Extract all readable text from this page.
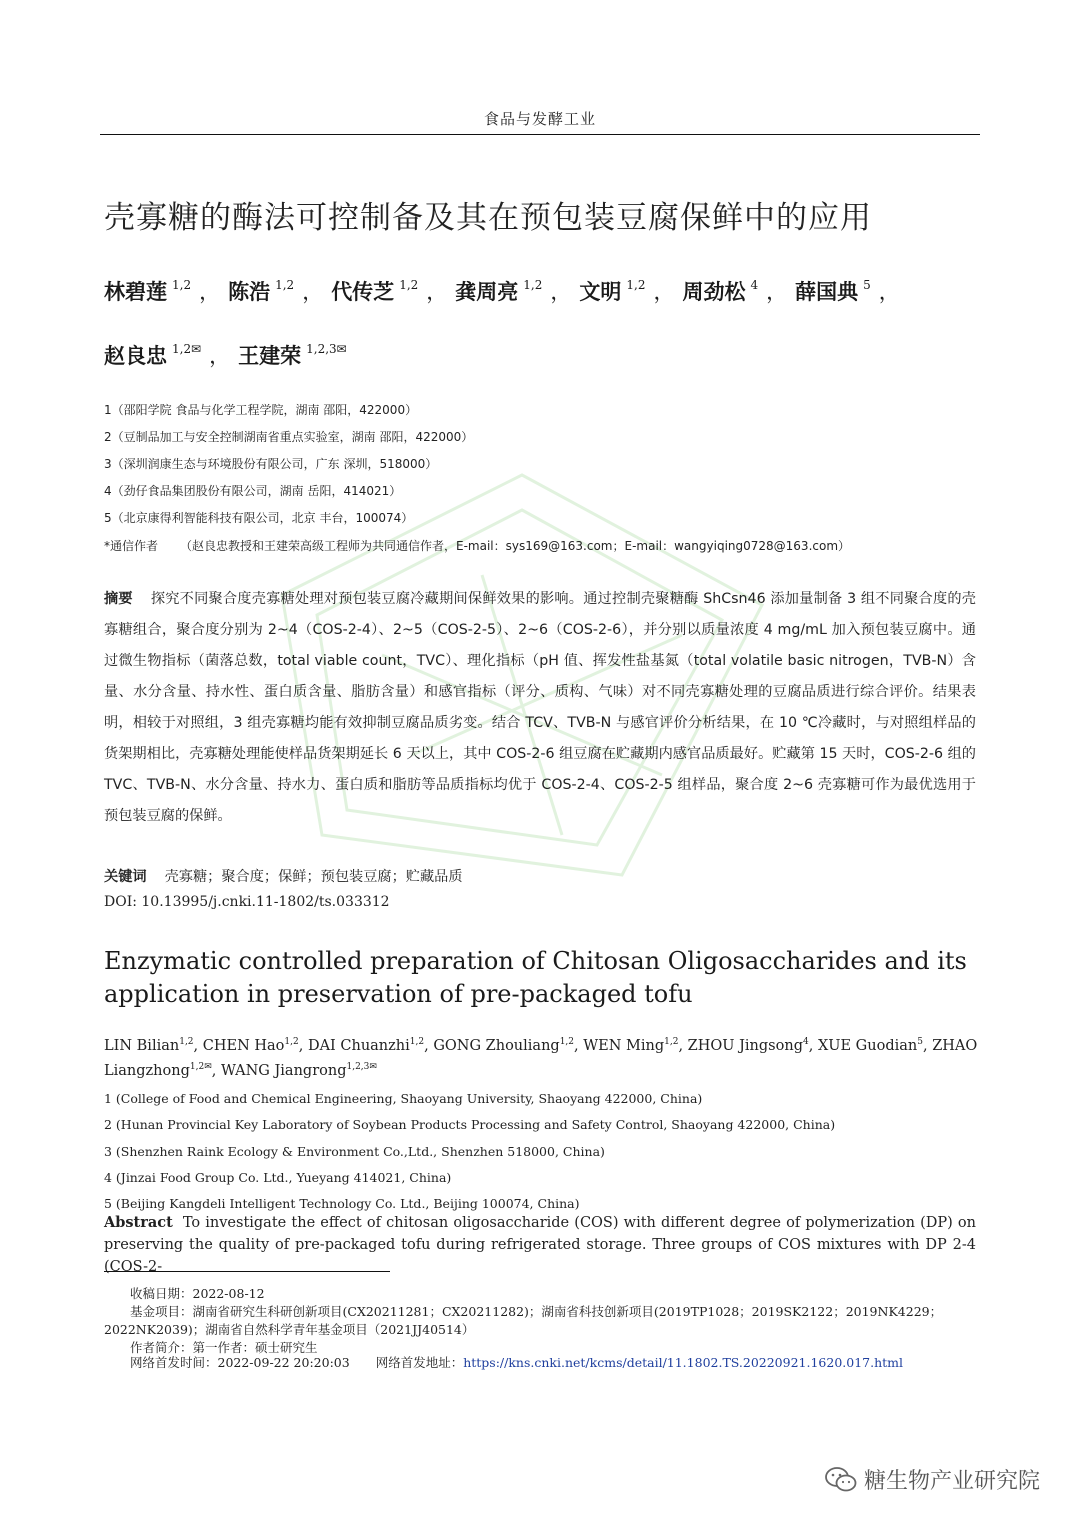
食品与发酵工业
壳寡糖的酶法可控制备及其在预包装豆腐保鲜中的应用
林碧莲 $^{1,2}$ ， 陈浩 $^{1,2}$ ， 代传芝 $^{1,2}$ ， 龚周亮 $^{1,2}$ ， 文明 $^{1,2}$ ， 周劲松 $^4$ ， 薛国典 $^5$ ，
赵良忠 $^{1,2✉}$ ， 王建荣 $^{1,2,3✉}$
1（邵阳学院 食品与化学工程学院，湖南 邵阳，422000）
2（豆制品加工与安全控制湖南省重点实验室，湖南 邵阳，422000）
3（深圳润康生态与环境股份有限公司，广东 深圳，518000）
4（劲仔食品集团股份有限公司，湖南 岳阳，414021）
5（北京康得利智能科技有限公司，北京 丰台，100074）
*通信作者 （赵良忠教授和王建荣高级工程师为共同通信作者，E-mail：sys169@163.com；E-mail：wangyiqing0728@163.com）
摘要 探究不同聚合度壳寡糖处理对预包装豆腐冷藏期间保鲜效果的影响。通过控制壳聚糖酶 ShCsn46 添加量制备 3 组不同聚合度的壳寡糖组合，聚合度分别为 2~4（COS-2-4）、2~5（COS-2-5）、2~6（COS-2-6），并分别以质量浓度 4 mg/mL 加入预包装豆腐中。通过微生物指标（菌落总数，total viable count，TVC）、理化指标（pH 值、挥发性盐基氮（total volatile basic nitrogen，TVB-N）含量、水分含量、持水性、蛋白质含量、脂肪含量）和感官指标（评分、质构、气味）对不同壳寡糖处理的豆腐品质进行综合评价。结果表明，相较于对照组，3 组壳寡糖均能有效抑制豆腐品质劣变。结合 TCV、TVB-N 与感官评价分析结果，在 10 ℃冷藏时，与对照组样品的货架期相比，壳寡糖处理能使样品货架期延长 6 天以上，其中 COS-2-6 组豆腐在贮藏期内感官品质最好。贮藏第 15 天时，COS-2-6 组的 TVC、TVB-N、水分含量、持水力、蛋白质和脂肪等品质指标均优于 COS-2-4、COS-2-5 组样品，聚合度 2~6 壳寡糖可作为最优选用于预包装豆腐的保鲜。
关键词 壳寡糖；聚合度；保鲜；预包装豆腐；贮藏品质
DOI: 10.13995/j.cnki.11-1802/ts.033312
Enzymatic controlled preparation of Chitosan Oligosaccharides and its application in preservation of pre-packaged tofu
LIN Bilian$^{1,2}$, CHEN Hao$^{1,2}$, DAI Chuanzhi$^{1,2}$, GONG Zhouliang$^{1,2}$, WEN Ming$^{1,2}$, ZHOU Jingsong$^4$, XUE Guodian$^5$, ZHAO Liangzhong$^{1,2✉}$, WANG Jiangrong$^{1,2,3✉}$
1 (College of Food and Chemical Engineering, Shaoyang University, Shaoyang 422000, China)
2 (Hunan Provincial Key Laboratory of Soybean Products Processing and Safety Control, Shaoyang 422000, China)
3 (Shenzhen Raink Ecology & Environment Co.,Ltd., Shenzhen 518000, China)
4 (Jinzai Food Group Co. Ltd., Yueyang 414021, China)
5 (Beijing Kangdeli Intelligent Technology Co. Ltd., Beijing 100074, China)
Abstract To investigate the effect of chitosan oligosaccharide (COS) with different degree of polymerization (DP) on preserving the quality of pre-packaged tofu during refrigerated storage. Three groups of COS mixtures with DP 2-4 (COS-2-
收稿日期：2022-08-12
基金项目：湖南省研究生科研创新项目(CX20211281；CX20211282)；湖南省科技创新项目(2019TP1028；2019SK2122；2019NK4229；
2022NK2039)；湖南省自然科学青年基金项目（2021JJ40514）
作者简介：第一作者：硕士研究生
网络首发时间：2022-09-22 20:20:03 网络首发地址：https://kns.cnki.net/kcms/detail/11.1802.TS.20220921.1620.017.html
糖生物产业研究院
